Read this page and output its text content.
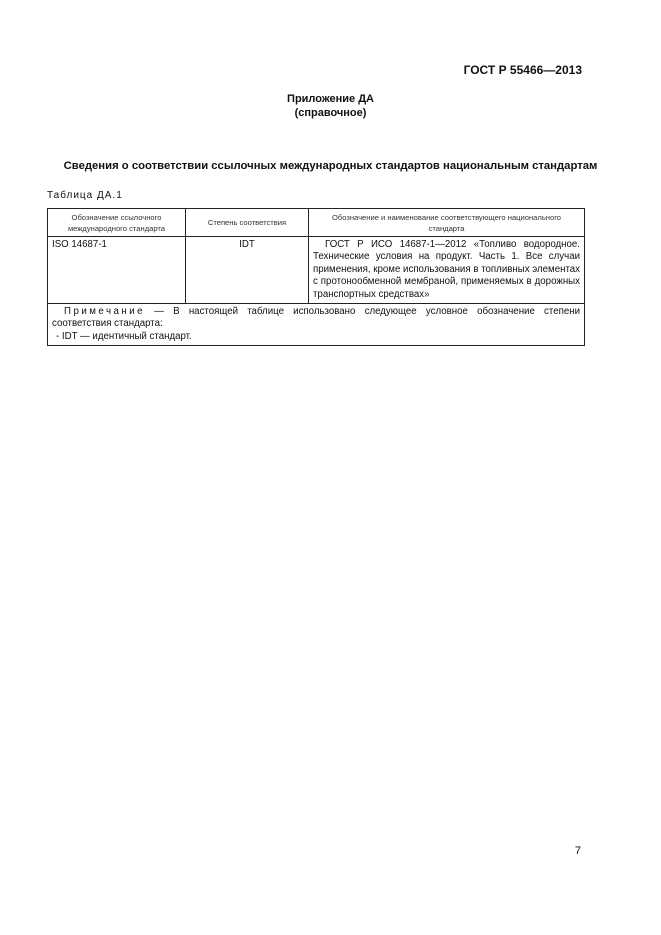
ГОСТ Р 55466—2013
Приложение ДА
(справочное)
Сведения о соответствии ссылочных международных стандартов национальным стандартам
Таблица ДА.1
Обозначение ссылочного международного стандарта	Степень соответствия	Обозначение и наименование соответствующего национального стандарта
ISO 14687-1	IDT	ГОСТ Р ИСО 14687-1—2012 «Топливо водородное. Технические условия на продукт. Часть 1. Все случаи применения, кроме использования в топливных элементах с протонообменной мембраной, применяемых в дорожных транспортных средствах»

Примечание — В настоящей таблице использовано следующее условное обозначение степени соответствия стандарта:
- IDT — идентичный стандарт.		
7
